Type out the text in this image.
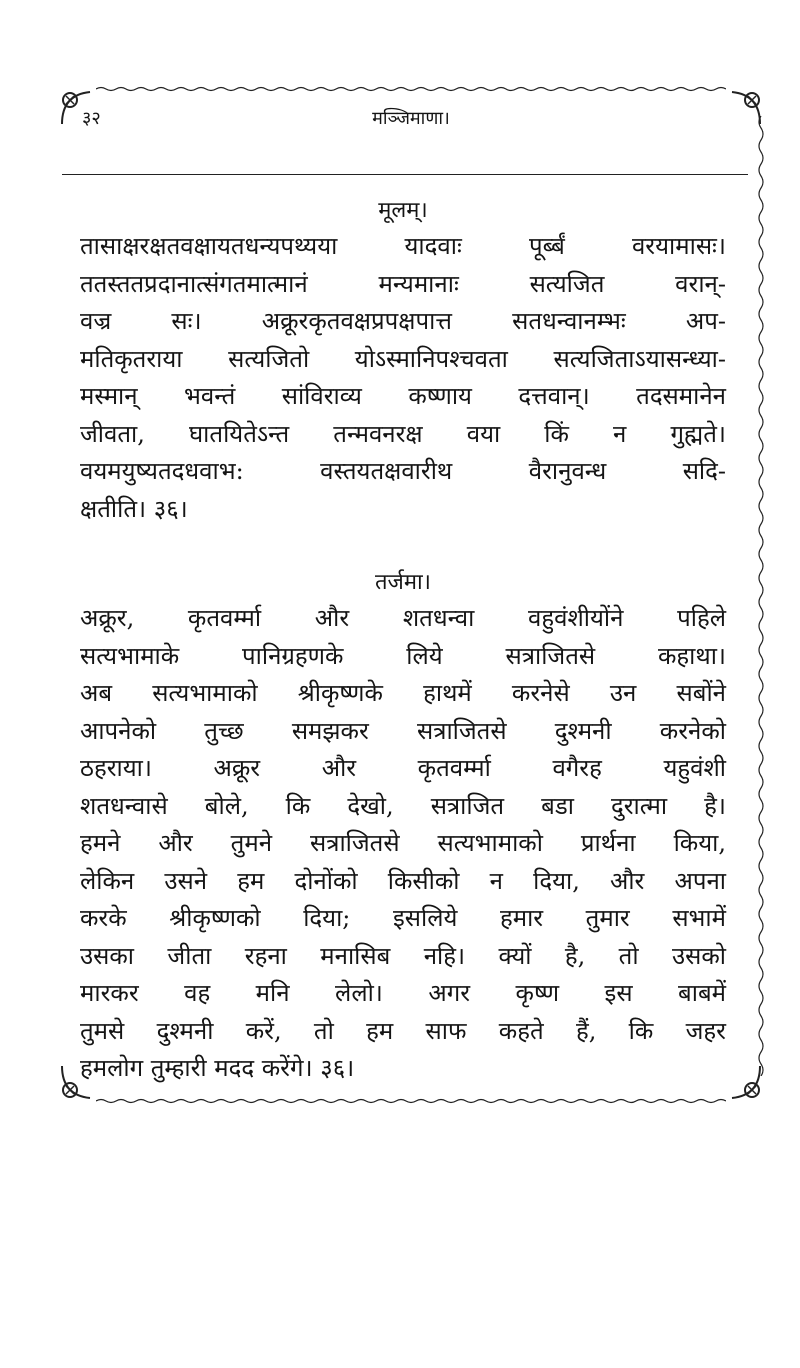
३२	मञ्जिमाणा।

मूलम्।

तासाक्षरक्षतवक्षायतधन्यपथ्यया यादवाः पूर्ब्बं वरयामासः।
ततस्ततप्रदानात्संगतमात्मानं मन्यमानाः सत्यजित वरान्-
वज्र सः। अक्रूरकृतवक्षप्रपक्षपात्त सतधन्वानम्भः अप-
मतिकृतराया सत्यजितो योऽस्मानिपश्चवता सत्यजिताऽयासन्ध्या-
मस्मान् भवन्तं सांविराव्य कष्णाय दत्तवान्। तदसमानेन
जीवता, घातयितेऽन्त तन्मवनरक्ष वया किं न गुह्मते।
वयमयुष्यतदधवाभ: वस्तयतक्षवारीथ वैरानुवन्ध सदि-
क्षतीति। ३६।

तर्जमा।

अक्रूर, कृतवर्म्मा और शतधन्वा वहुवंशीयोंने पहिले
सत्यभामाके पानिग्रहणके लिये सत्राजितसे कहाथा।
अब सत्यभामाको श्रीकृष्णके हाथमें करनेसे उन सबोंने
आपनेको तुच्छ समझकर सत्राजितसे दुश्मनी करनेको
ठहराया। अक्रूर और कृतवर्म्मा वगैरह यहुवंशी
शतधन्वासे बोले, कि देखो, सत्राजित बडा दुरात्मा है।
हमने और तुमने सत्राजितसे सत्यभामाको प्रार्थना किया,
लेकिन उसने हम दोनोंको किसीको न दिया, और अपना
करके श्रीकृष्णको दिया; इसलिये हमार तुमार सभामें
उसका जीता रहना मनासिब नहि। क्यों है, तो उसको
मारकर वह मनि लेलो। अगर कृष्ण इस बाबमें
तुमसे दुश्मनी करें, तो हम साफ कहते हैं, कि जहर
हमलोग तुम्हारी मदद करेंगे। ३६।
